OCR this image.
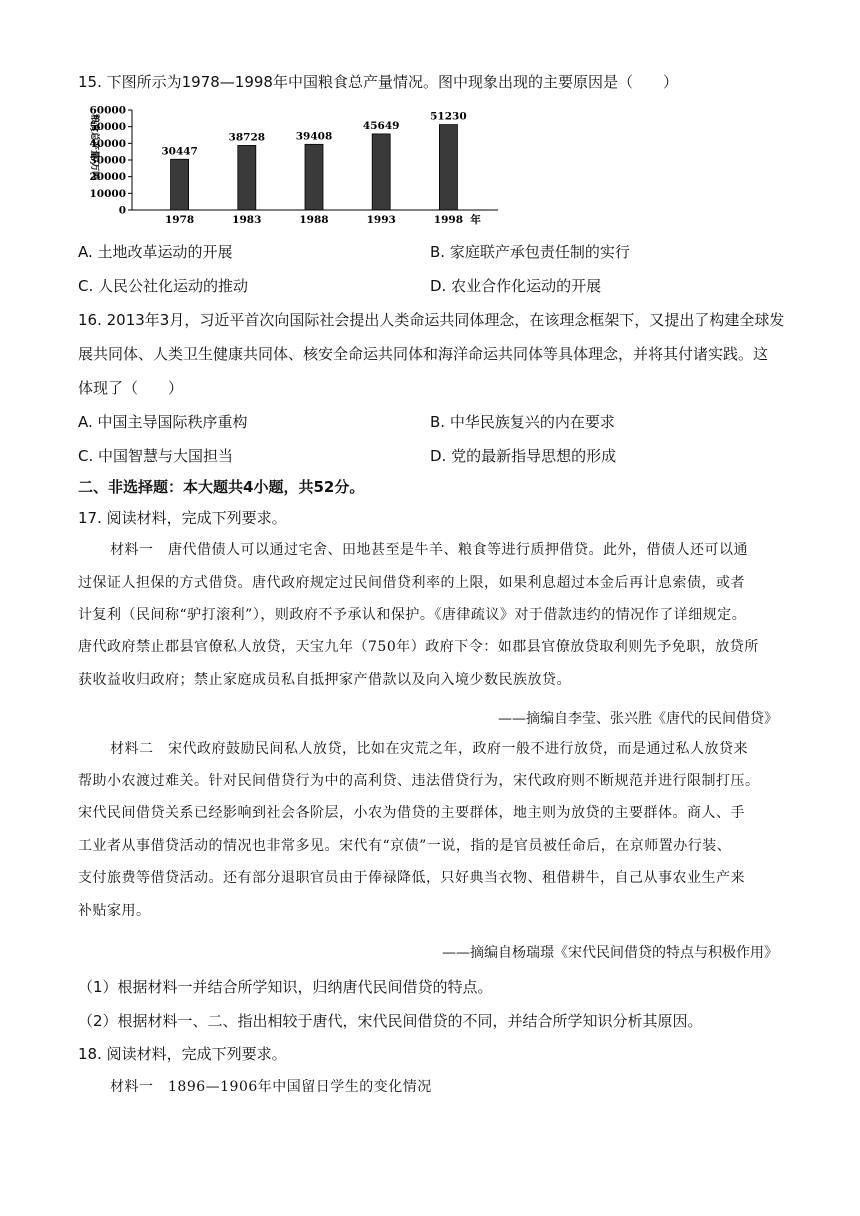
15. 下图所示为1978—1998年中国粮食总产量情况。图中现象出现的主要原因是（　　）
0
10000
20000
30000
40000
50000
60000
粮食总产量/万吨	30447
1978
38728
1983
39408
1988
45649
1993
51230
1998 年
A. 土地改革运动的开展	B. 家庭联产承包责任制的实行
C. 人民公社化运动的推动	D. 农业合作化运动的开展
16. 2013年3月，习近平首次向国际社会提出人类命运共同体理念，在该理念框架下，又提出了构建全球发
展共同体、人类卫生健康共同体、核安全命运共同体和海洋命运共同体等具体理念，并将其付诸实践。这
体现了（　　）
A. 中国主导国际秩序重构	B. 中华民族复兴的内在要求
C. 中国智慧与大国担当	D. 党的最新指导思想的形成
二、非选择题：本大题共4小题，共52分。
17. 阅读材料，完成下列要求。
材料一　唐代借债人可以通过宅舍、田地甚至是牛羊、粮食等进行质押借贷。此外，借债人还可以通
过保证人担保的方式借贷。唐代政府规定过民间借贷利率的上限，如果利息超过本金后再计息索债，或者
计复利（民间称“驴打滚利”），则政府不予承认和保护。《唐律疏议》对于借款违约的情况作了详细规定。
唐代政府禁止郡县官僚私人放贷，天宝九年（750年）政府下令：如郡县官僚放贷取利则先予免职，放贷所
获收益收归政府；禁止家庭成员私自抵押家产借款以及向入境少数民族放贷。
——摘编自李莹、张兴胜《唐代的民间借贷》
材料二　宋代政府鼓励民间私人放贷，比如在灾荒之年，政府一般不进行放贷，而是通过私人放贷来
帮助小农渡过难关。针对民间借贷行为中的高利贷、违法借贷行为，宋代政府则不断规范并进行限制打压。
宋代民间借贷关系已经影响到社会各阶层，小农为借贷的主要群体，地主则为放贷的主要群体。商人、手
工业者从事借贷活动的情况也非常多见。宋代有“京债”一说，指的是官员被任命后，在京师置办行装、
支付旅费等借贷活动。还有部分退职官员由于俸禄降低，只好典当衣物、租借耕牛，自己从事农业生产来
补贴家用。
——摘编自杨瑞璟《宋代民间借贷的特点与积极作用》
（1）根据材料一并结合所学知识，归纳唐代民间借贷的特点。
（2）根据材料一、二、指出相较于唐代，宋代民间借贷的不同，并结合所学知识分析其原因。
18. 阅读材料，完成下列要求。
材料一　1896—1906年中国留日学生的变化情况
